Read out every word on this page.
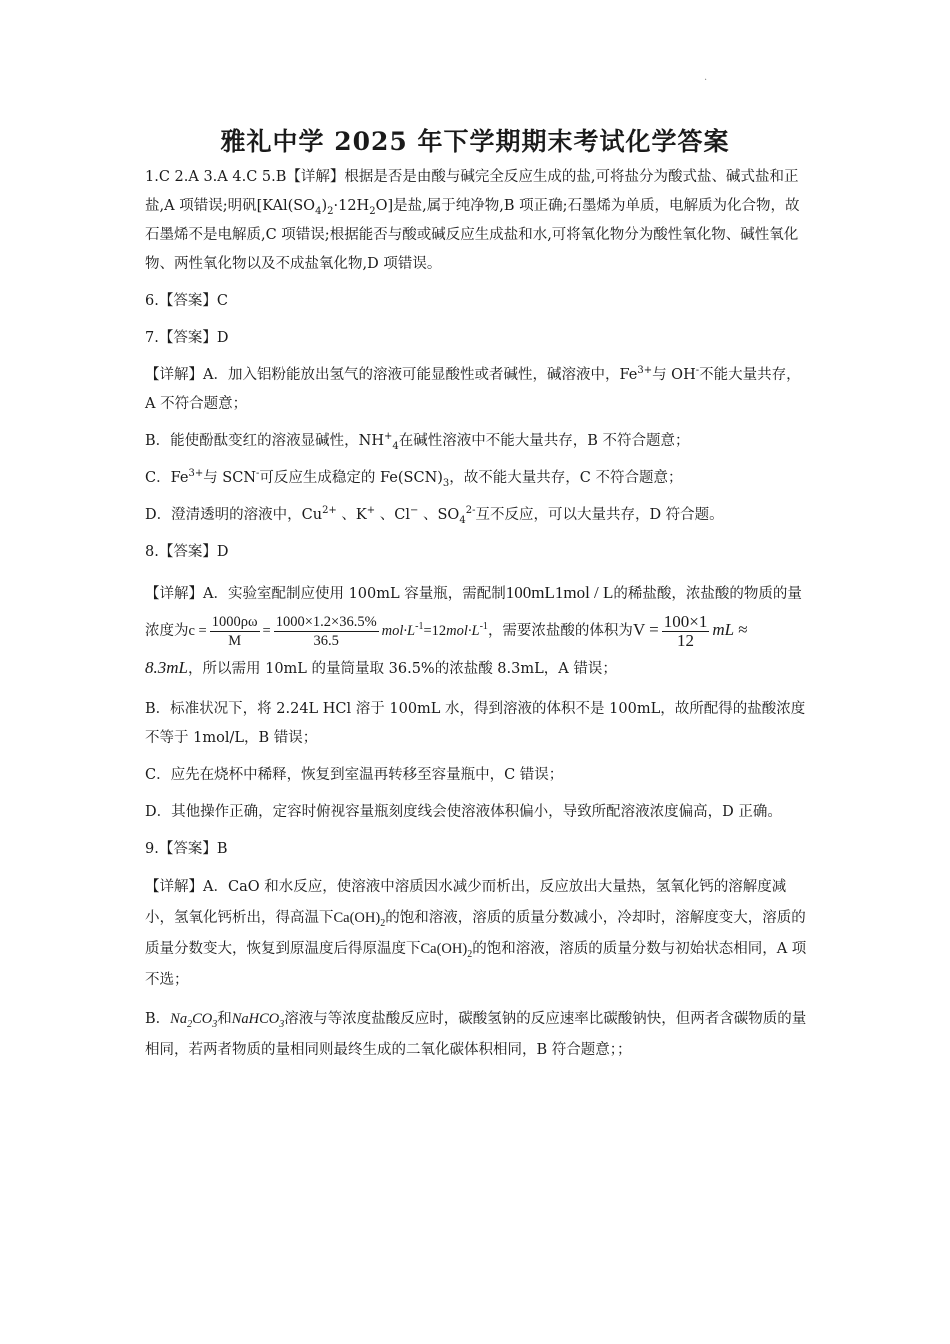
.
雅礼中学 2025 年下学期期末考试化学答案

1.C 2.A 3.A 4.C 5.B【详解】根据是否是由酸与碱完全反应生成的盐,可将盐分为酸式盐、碱式盐和正盐,A 项错误;明矾$[KAl(SO_4)_2\cdot 12H_2O]$是盐,属于纯净物,B 项正确;石墨烯为单质，电解质为化合物，故石墨烯不是电解质,C 项错误;根据能否与酸或碱反应生成盐和水,可将氧化物分为酸性氧化物、碱性氧化物、两性氧化物以及不成盐氧化物,D 项错误。

6.【答案】C

7.【答案】D

【详解】A．加入铝粉能放出氢气的溶液可能显酸性或者碱性，碱溶液中，$Fe^{3+}$与 OH-不能大量共存，A 不符合题意；

B．能使酚酞变红的溶液显碱性，$NH^+_4$在碱性溶液中不能大量共存，B 不符合题意；

C．$Fe^{3+}$与 SCN-可反应生成稳定的 $Fe(SCN)_3$，故不能大量共存，C 不符合题意；

D．澄清透明的溶液中，$Cu^{2+}$ 、K+ 、Cl− 、$SO_4^{2-}$互不反应，可以大量共存，D 符合题。

8.【答案】D

【详解】A．实验室配制应使用 100mL 容量瓶，需配制100mL1mol / L的稀盐酸，浓盐酸的物质的量浓度为$c = \frac{1000\rho\omega}{M} = \frac{1000\times 1.2\times 36.5\%}{36.5} mol\cdot L^{-1}=12mol\cdot L^{-1}$，需要浓盐酸的体积为$V = \frac{100\times 1}{12}$ mL ≈ 8.3mL，所以需用 10mL 的量筒量取 36.5%的浓盐酸 8.3mL，A 错误；

B．标准状况下，将 2.24L HCl 溶于 100mL 水，得到溶液的体积不是 100mL，故所配得的盐酸浓度不等于 1mol/L，B 错误；

C．应先在烧杯中稀释，恢复到室温再转移至容量瓶中，C 错误；

D．其他操作正确，定容时俯视容量瓶刻度线会使溶液体积偏小，导致所配溶液浓度偏高，D 正确。

9.【答案】B

【详解】A．CaO 和水反应，使溶液中溶质因水减少而析出，反应放出大量热，氢氧化钙的溶解度减小，氢氧化钙析出，得高温下$Ca(OH)_2$的饱和溶液，溶质的质量分数减小，冷却时，溶解度变大，溶质的质量分数变大，恢复到原温度后得原温度下$Ca(OH)_2$的饱和溶液，溶质的质量分数与初始状态相同，A 项不选；

B．$Na_2CO_3$和NaHCO$_3$溶液与等浓度盐酸反应时，碳酸氢钠的反应速率比碳酸钠快，但两者含碳物质的量相同，若两者物质的量相同则最终生成的二氧化碳体积相同，B 符合题意；；
